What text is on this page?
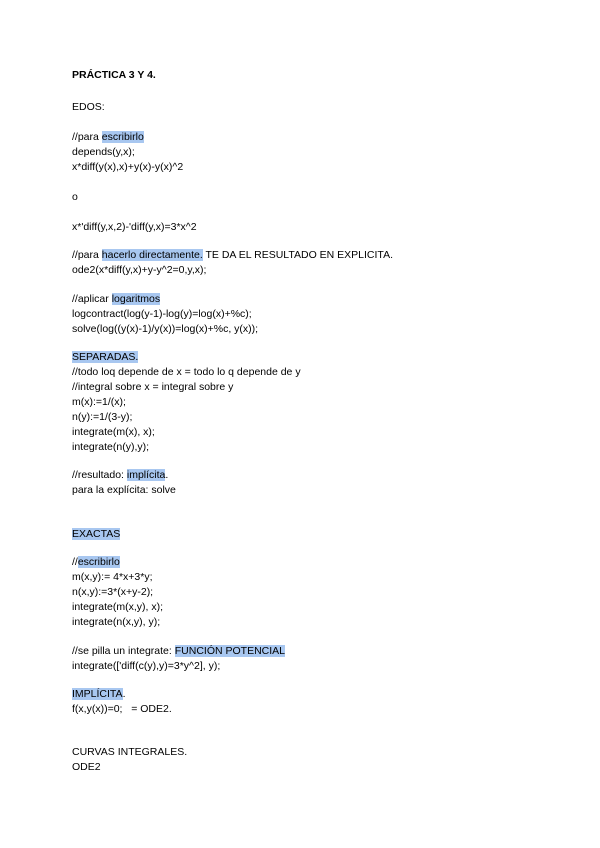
PRÁCTICA 3 Y 4.
EDOS:
//para escribirlo
depends(y,x);
x*diff(y(x),x)+y(x)-y(x)^2
o
x*'diff(y,x,2)-'diff(y,x)=3*x^2
//para hacerlo directamente. TE DA EL RESULTADO EN EXPLICITA.
ode2(x*diff(y,x)+y-y^2=0,y,x);
//aplicar logaritmos
logcontract(log(y-1)-log(y)=log(x)+%c);
solve(log((y(x)-1)/y(x))=log(x)+%c, y(x));
SEPARADAS.
//todo loq depende de x = todo lo q depende de y
//integral sobre x = integral sobre y
m(x):=1/(x);
n(y):=1/(3-y);
integrate(m(x), x);
integrate(n(y),y);
//resultado: implícita.
para la explícita: solve
EXACTAS
//escribirlo
m(x,y):= 4*x+3*y;
n(x,y):=3*(x+y-2);
integrate(m(x,y), x);
integrate(n(x,y), y);
//se pilla un integrate: FUNCIÓN POTENCIAL
integrate(['diff(c(y),y)=3*y^2], y);
IMPLÍCITA.
f(x,y(x))=0;   = ODE2.
CURVAS INTEGRALES.
ODE2
